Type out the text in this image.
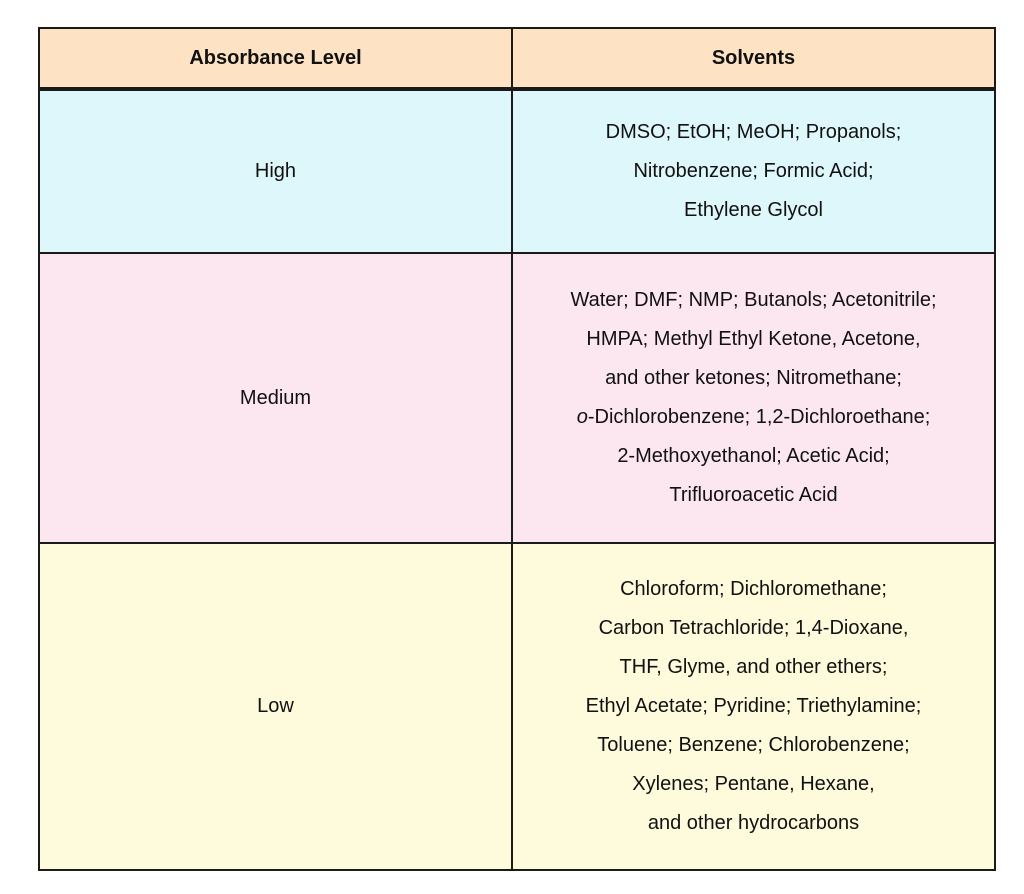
Absorbance Level	Solvents
High
DMSO; EtOH; MeOH; Propanols;
Nitrobenzene; Formic Acid;
Ethylene Glycol
Medium
Water; DMF; NMP; Butanols; Acetonitrile;
HMPA; Methyl Ethyl Ketone, Acetone,
and other ketones; Nitromethane;
o-Dichlorobenzene; 1,2-Dichloroethane;
2-Methoxyethanol; Acetic Acid;
Trifluoroacetic Acid
Low
Chloroform; Dichloromethane;
Carbon Tetrachloride; 1,4-Dioxane,
THF, Glyme, and other ethers;
Ethyl Acetate; Pyridine; Triethylamine;
Toluene; Benzene; Chlorobenzene;
Xylenes; Pentane, Hexane,
and other hydrocarbons
